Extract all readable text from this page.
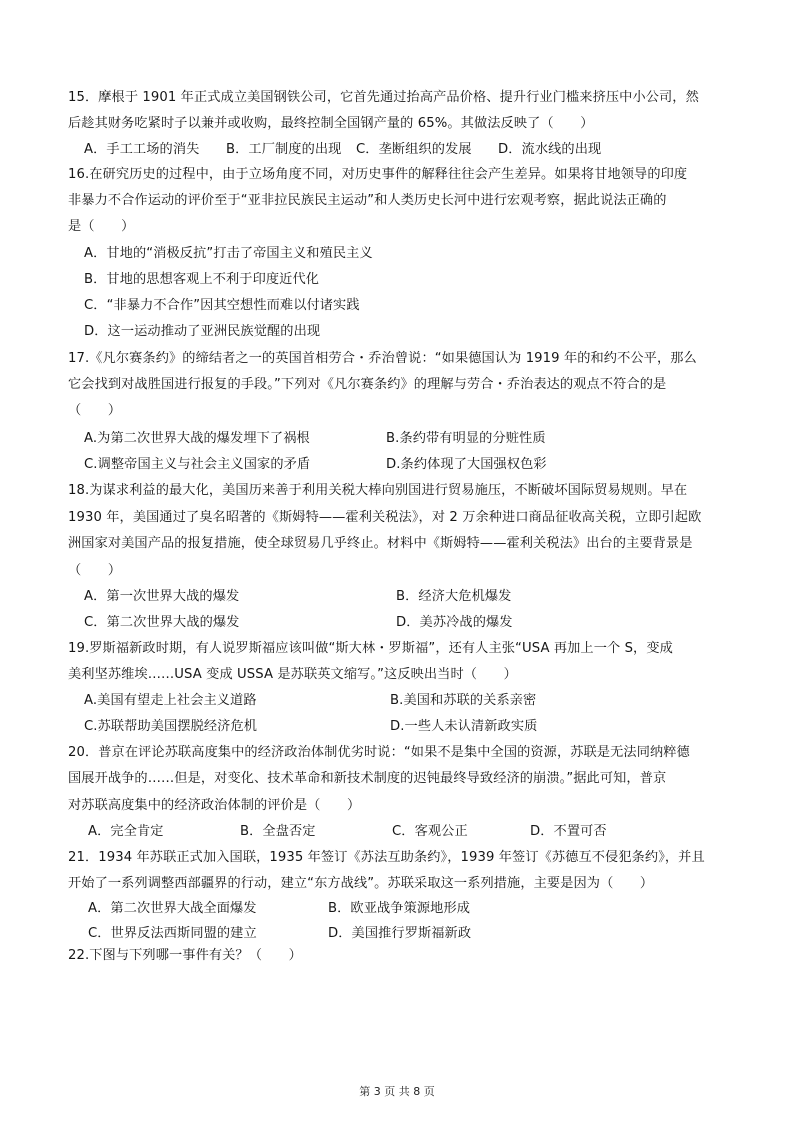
15．摩根于 1901 年正式成立美国钢铁公司，它首先通过抬高产品价格、提升行业门槛来挤压中小公司，然
后趁其财务吃紧时子以兼并或收购，最终控制全国钢产量的 65%。其做法反映了（　　）
A．手工工场的消失 B．工厂制度的出现 C．垄断组织的发展 D．流水线的出现
16.在研究历史的过程中，由于立场角度不同，对历史事件的解释往往会产生差异。如果将甘地领导的印度
非暴力不合作运动的评价至于“亚非拉民族民主运动”和人类历史长河中进行宏观考察，据此说法正确的
是（　　）
A．甘地的“消极反抗”打击了帝国主义和殖民主义
B．甘地的思想客观上不利于印度近代化
C．“非暴力不合作”因其空想性而难以付诸实践
D．这一运动推动了亚洲民族觉醒的出现
17.《凡尔赛条约》的缔结者之一的英国首相劳合・乔治曾说：“如果德国认为 1919 年的和约不公平，那么
它会找到对战胜国进行报复的手段。”下列对《凡尔赛条约》的理解与劳合・乔治表达的观点不符合的是
（　　）
A.为第二次世界大战的爆发埋下了祸根	B.条约带有明显的分赃性质
C.调整帝国主义与社会主义国家的矛盾	D.条约体现了大国强权色彩
18.为谋求利益的最大化，美国历来善于利用关税大棒向别国进行贸易施压，不断破坏国际贸易规则。早在
1930 年，美国通过了臭名昭著的《斯姆特——霍利关税法》，对 2 万余种进口商品征收高关税，立即引起欧
洲国家对美国产品的报复措施，使全球贸易几乎终止。材料中《斯姆特——霍利关税法》出台的主要背景是
（　　）
A．第一次世界大战的爆发	B．经济大危机爆发
C．第二次世界大战的爆发	D．美苏冷战的爆发
19.罗斯福新政时期，有人说罗斯福应该叫做“斯大林・罗斯福”，还有人主张“USA 再加上一个 S，变成
美利坚苏维埃……USA 变成 USSA 是苏联英文缩写。”这反映出当时（　　）
A.美国有望走上社会主义道路	B.美国和苏联的关系亲密
C.苏联帮助美国摆脱经济危机	D.一些人未认清新政实质
20．普京在评论苏联高度集中的经济政治体制优劣时说：“如果不是集中全国的资源，苏联是无法同纳粹德
国展开战争的……但是，对变化、技术革命和新技术制度的迟钝最终导致经济的崩溃。”据此可知，普京
对苏联高度集中的经济政治体制的评价是（　　）
A．完全肯定	B．全盘否定	C．客观公正	D．不置可否
21．1934 年苏联正式加入国联，1935 年签订《苏法互助条约》，1939 年签订《苏德互不侵犯条约》，并且
开始了一系列调整西部疆界的行动，建立“东方战线”。苏联采取这一系列措施，主要是因为（　　）
A．第二次世界大战全面爆发	B．欧亚战争策源地形成
C．世界反法西斯同盟的建立	D．美国推行罗斯福新政
22.下图与下列哪一事件有关？（　　）
第 3 页 共 8 页
